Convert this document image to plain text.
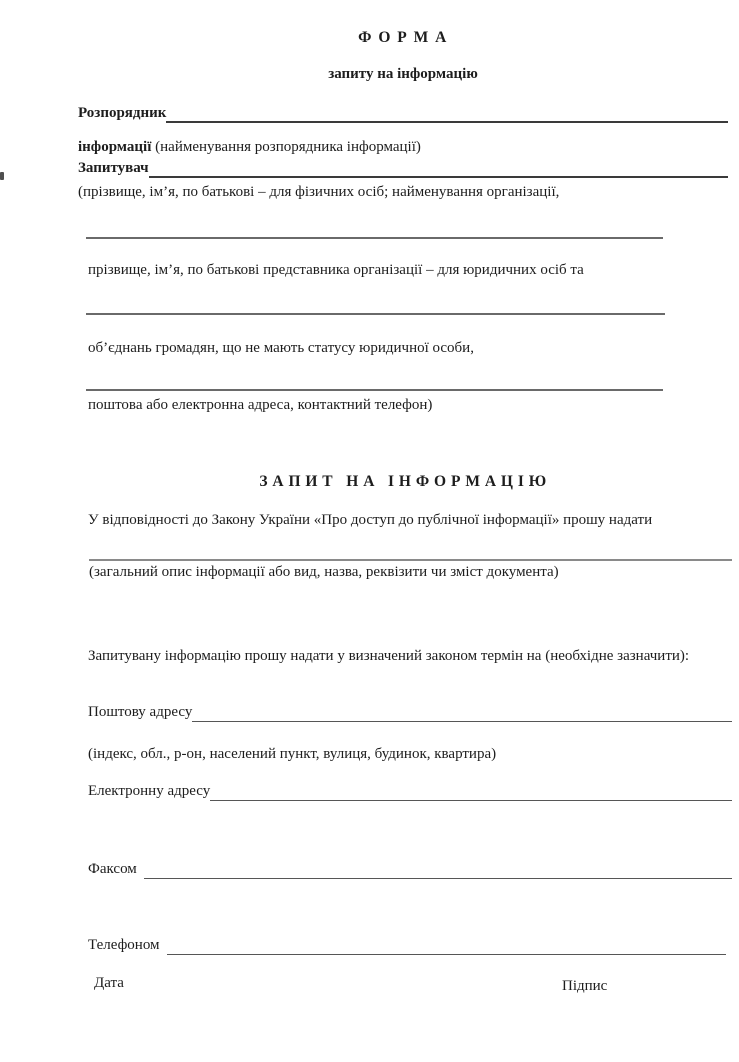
Ф О Р М А
запиту на інформацію
Розпорядник
інформації (найменування розпорядника інформації)
Запитувач
(прізвище, ім’я, по батькові – для фізичних осіб; найменування організації,
прізвище, ім’я, по батькові представника організації – для юридичних осіб та
об’єднань громадян, що не мають статусу юридичної особи,
поштова або електронна адреса, контактний телефон)
З А П И Т   Н А   І Н Ф О Р М А Ц І Ю
У відповідності до Закону України «Про доступ до публічної інформації» прошу надати
(загальний опис інформації або вид, назва, реквізити чи зміст документа)
Запитувану інформацію прошу надати у визначений законом термін на (необхідне зазначити):
Поштову адресу
(індекс, обл., р-он, населений пункт, вулиця, будинок, квартира)
Електронну адресу
Факсом
Телефоном
Дата	Підпис
